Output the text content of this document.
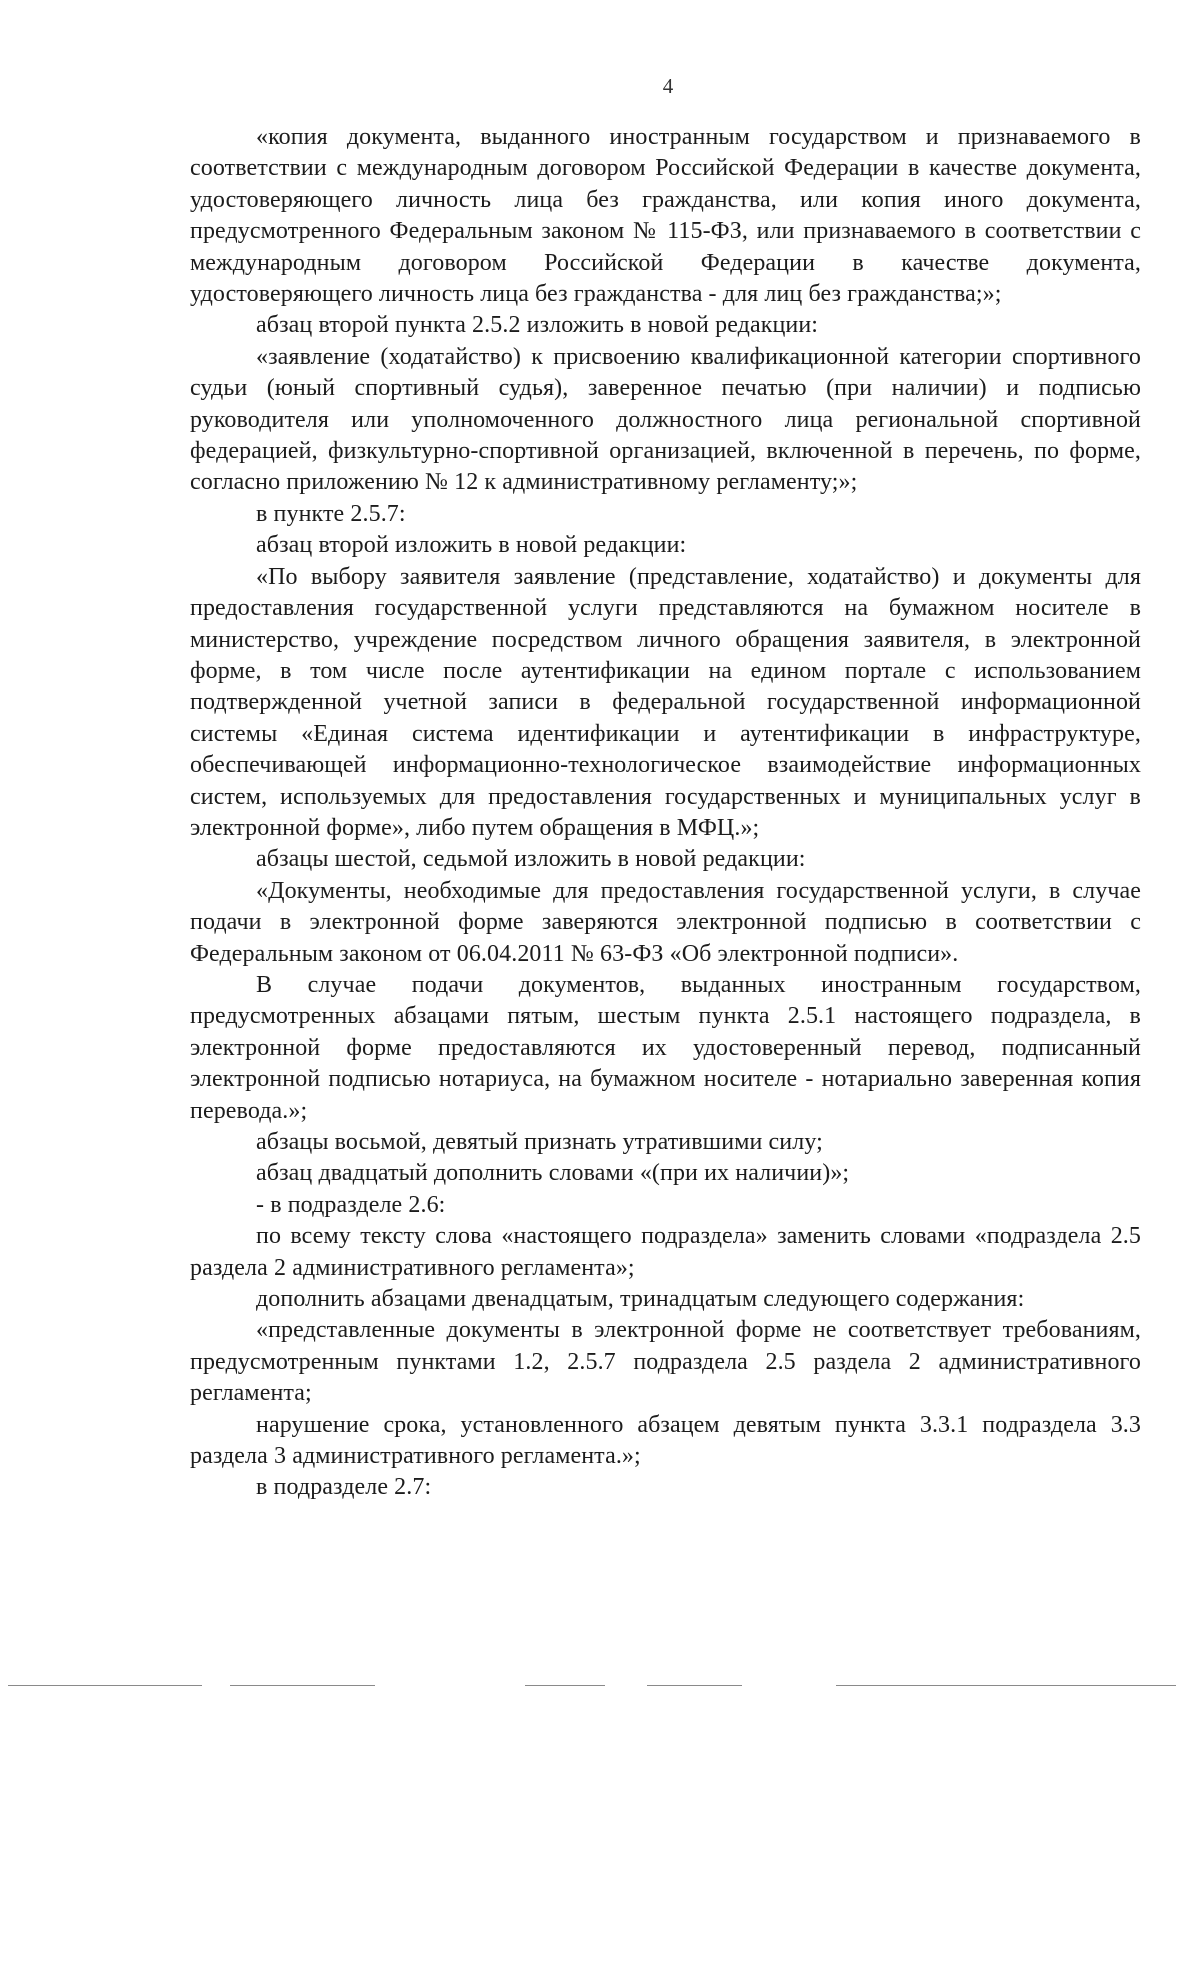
4

«копия документа, выданного иностранным государством и признаваемого в соответствии с международным договором Российской Федерации в качестве документа, удостоверяющего личность лица без гражданства, или копия иного документа, предусмотренного Федеральным законом № 115-ФЗ, или признаваемого в соответствии с международным договором Российской Федерации в качестве документа, удостоверяющего личность лица без гражданства - для лиц без гражданства;»;

абзац второй пункта 2.5.2 изложить в новой редакции:

«заявление (ходатайство) к присвоению квалификационной категории спортивного судьи (юный спортивный судья), заверенное печатью (при наличии) и подписью руководителя или уполномоченного должностного лица региональной спортивной федерацией, физкультурно-спортивной организацией, включенной в перечень, по форме, согласно приложению № 12 к административному регламенту;»;

в пункте 2.5.7:

абзац второй изложить в новой редакции:

«По выбору заявителя заявление (представление, ходатайство) и документы для предоставления государственной услуги представляются на бумажном носителе в министерство, учреждение посредством личного обращения заявителя, в электронной форме, в том числе после аутентификации на едином портале с использованием подтвержденной учетной записи в федеральной государственной информационной системы «Единая система идентификации и аутентификации в инфраструктуре, обеспечивающей информационно-технологическое взаимодействие информационных систем, используемых для предоставления государственных и муниципальных услуг в электронной форме», либо путем обращения в МФЦ.»;

абзацы шестой, седьмой изложить в новой редакции:

«Документы, необходимые для предоставления государственной услуги, в случае подачи в электронной форме заверяются электронной подписью в соответствии с Федеральным законом от 06.04.2011 № 63-ФЗ «Об электронной подписи».

В случае подачи документов, выданных иностранным государством, предусмотренных абзацами пятым, шестым пункта 2.5.1 настоящего подраздела, в электронной форме предоставляются их удостоверенный перевод, подписанный электронной подписью нотариуса, на бумажном носителе - нотариально заверенная копия перевода.»;

абзацы восьмой, девятый признать утратившими силу;

абзац двадцатый дополнить словами «(при их наличии)»;

- в подразделе 2.6:

по всему тексту слова «настоящего подраздела» заменить словами «подраздела 2.5 раздела 2 административного регламента»;

дополнить абзацами двенадцатым, тринадцатым следующего содержания:

«представленные документы в электронной форме не соответствует требованиям, предусмотренным пунктами 1.2, 2.5.7 подраздела 2.5 раздела 2 административного регламента;

нарушение срока, установленного абзацем девятым пункта 3.3.1 подраздела 3.3 раздела 3 административного регламента.»;

в подразделе 2.7:
